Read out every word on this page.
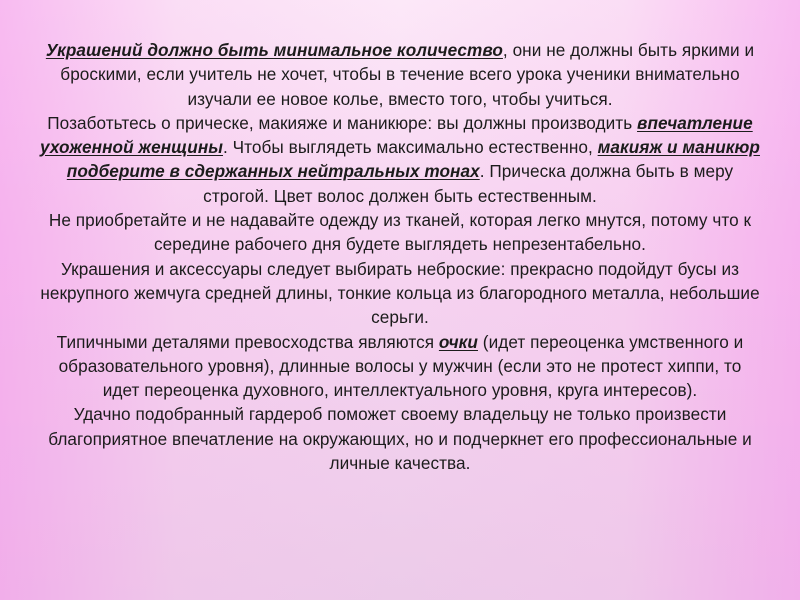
Украшений должно быть минимальное количество, они не должны быть яркими и броскими, если учитель не хочет, чтобы в течение всего урока ученики внимательно изучали ее новое колье, вместо того, чтобы учиться.

Позаботьтесь о прическе, макияже и маникюре: вы должны производить впечатление ухоженной женщины. Чтобы выглядеть максимально естественно, макияж и маникюр подберите в сдержанных нейтральных тонах. Прическа должна быть в меру строгой. Цвет волос должен быть естественным.

Не приобретайте и не надавайте одежду из тканей, которая легко мнутся, потому что к середине рабочего дня будете выглядеть непрезентабельно.

Украшения и аксессуары следует выбирать неброские: прекрасно подойдут бусы из некрупного жемчуга средней длины, тонкие кольца из благородного металла, небольшие серьги.

Типичными деталями превосходства являются очки (идет переоценка умственного и образовательного уровня), длинные волосы у мужчин (если это не протест хиппи, то идет переоценка духовного, интеллектуального уровня, круга интересов).

Удачно подобранный гардероб поможет своему владельцу не только произвести благоприятное впечатление на окружающих, но и подчеркнет его профессиональные и личные качества.
